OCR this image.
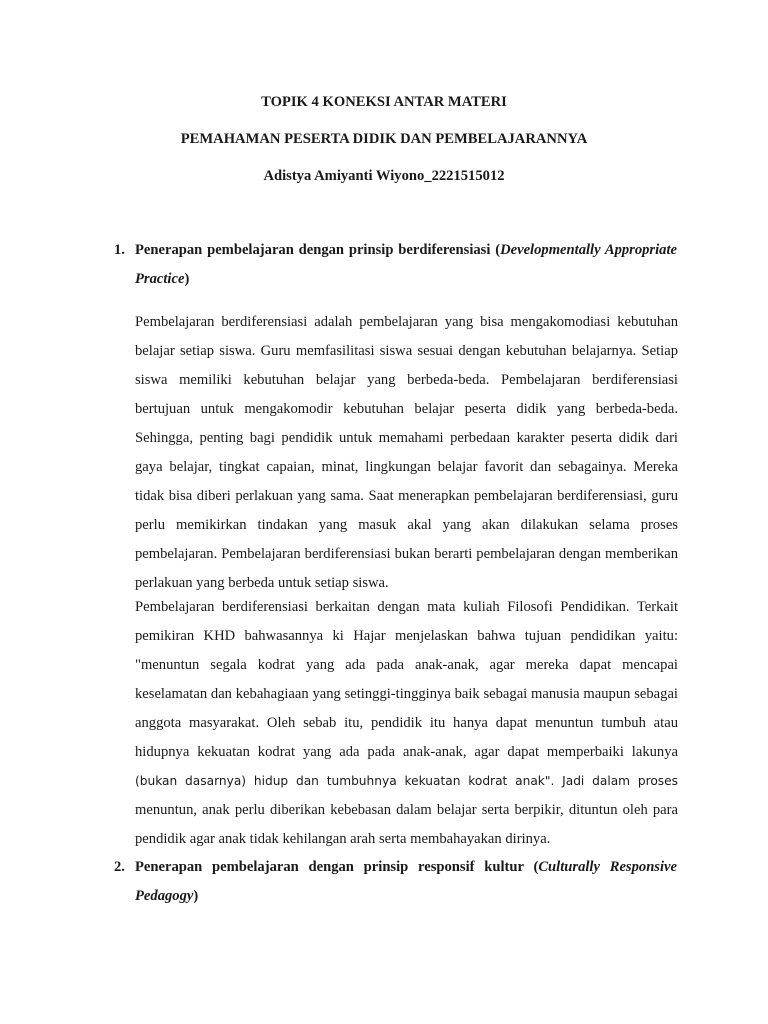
TOPIK 4 KONEKSI ANTAR MATERI
PEMAHAMAN PESERTA DIDIK DAN PEMBELAJARANNYA
Adistya Amiyanti Wiyono_2221515012
1. Penerapan pembelajaran dengan prinsip berdiferensiasi (Developmentally Appropriate Practice)

Pembelajaran berdiferensiasi adalah pembelajaran yang bisa mengakomodiasi kebutuhan belajar setiap siswa. Guru memfasilitasi siswa sesuai dengan kebutuhan belajarnya. Setiap siswa memiliki kebutuhan belajar yang berbeda-beda. Pembelajaran berdiferensiasi bertujuan untuk mengakomodir kebutuhan belajar peserta didik yang berbeda-beda. Sehingga, penting bagi pendidik untuk memahami perbedaan karakter peserta didik dari gaya belajar, tingkat capaian, minat, lingkungan belajar favorit dan sebagainya. Mereka tidak bisa diberi perlakuan yang sama. Saat menerapkan pembelajaran berdiferensiasi, guru perlu memikirkan tindakan yang masuk akal yang akan dilakukan selama proses pembelajaran. Pembelajaran berdiferensiasi bukan berarti pembelajaran dengan memberikan perlakuan yang berbeda untuk setiap siswa.

Pembelajaran berdiferensiasi berkaitan dengan mata kuliah Filosofi Pendidikan. Terkait pemikiran KHD bahwasannya ki Hajar menjelaskan bahwa tujuan pendidikan yaitu: "menuntun segala kodrat yang ada pada anak-anak, agar mereka dapat mencapai keselamatan dan kebahagiaan yang setinggi-tingginya baik sebagai manusia maupun sebagai anggota masyarakat. Oleh sebab itu, pendidik itu hanya dapat menuntun tumbuh atau hidupnya kekuatan kodrat yang ada pada anak-anak, agar dapat memperbaiki lakunya (bukan dasarnya) hidup dan tumbuhnya kekuatan kodrat anak". Jadi dalam proses menuntun, anak perlu diberikan kebebasan dalam belajar serta berpikir, dituntun oleh para pendidik agar anak tidak kehilangan arah serta membahayakan dirinya.

2. Penerapan pembelajaran dengan prinsip responsif kultur (Culturally Responsive Pedagogy)
